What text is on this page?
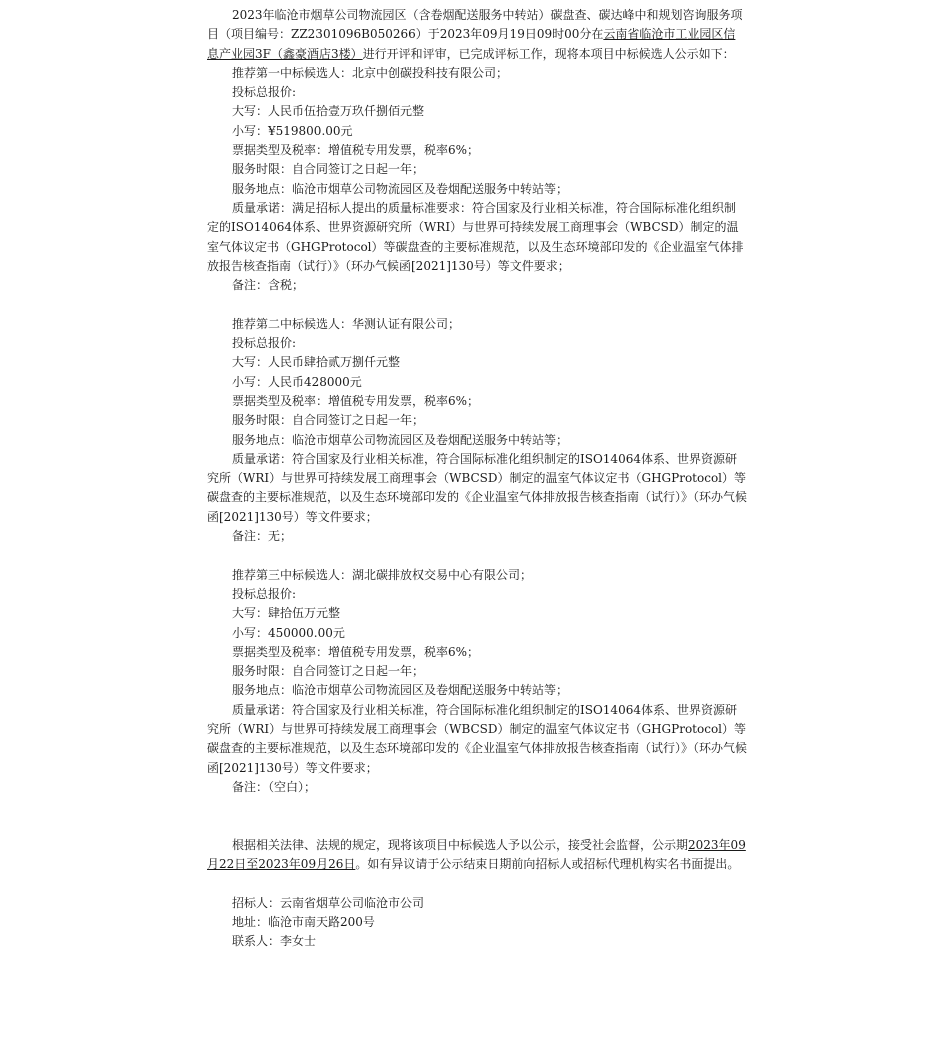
2023年临沧市烟草公司物流园区（含卷烟配送服务中转站）碳盘查、碳达峰中和规划咨询服务项目（项目编号：ZZ2301096B050266）于2023年09月19日09时00分在云南省临沧市工业园区信息产业园3F（鑫豪酒店3楼）进行开评和评审，已完成评标工作，现将本项目中标候选人公示如下：

推荐第一中标候选人：北京中创碳投科技有限公司；

投标总报价:

大写：人民币伍拾壹万玖仟捌佰元整

小写：¥519800.00元

票据类型及税率：增值税专用发票，税率6%；

服务时限：自合同签订之日起一年；

服务地点：临沧市烟草公司物流园区及卷烟配送服务中转站等；

质量承诺：满足招标人提出的质量标准要求：符合国家及行业相关标准，符合国际标准化组织制定的ISO14064体系、世界资源研究所（WRI）与世界可持续发展工商理事会（WBCSD）制定的温室气体议定书（GHGProtocol）等碳盘查的主要标准规范，以及生态环境部印发的《企业温室气体排放报告核查指南（试行）》（环办气候函[2021]130号）等文件要求；

备注：含税；

推荐第二中标候选人：华测认证有限公司；

投标总报价:

大写：人民币肆拾贰万捌仟元整

小写：人民币428000元

票据类型及税率：增值税专用发票，税率6%；

服务时限：自合同签订之日起一年；

服务地点：临沧市烟草公司物流园区及卷烟配送服务中转站等；

质量承诺：符合国家及行业相关标准，符合国际标准化组织制定的ISO14064体系、世界资源研究所（WRI）与世界可持续发展工商理事会（WBCSD）制定的温室气体议定书（GHGProtocol）等碳盘查的主要标准规范，以及生态环境部印发的《企业温室气体排放报告核查指南（试行）》（环办气候函[2021]130号）等文件要求；

备注：无；

推荐第三中标候选人：湖北碳排放权交易中心有限公司；

投标总报价:

大写：肆拾伍万元整

小写：450000.00元

票据类型及税率：增值税专用发票，税率6%；

服务时限：自合同签订之日起一年；

服务地点：临沧市烟草公司物流园区及卷烟配送服务中转站等；

质量承诺：符合国家及行业相关标准，符合国际标准化组织制定的ISO14064体系、世界资源研究所（WRI）与世界可持续发展工商理事会（WBCSD）制定的温室气体议定书（GHGProtocol）等碳盘查的主要标准规范，以及生态环境部印发的《企业温室气体排放报告核查指南（试行）》（环办气候函[2021]130号）等文件要求；

备注：（空白）；

根据相关法律、法规的规定，现将该项目中标候选人予以公示，接受社会监督，公示期2023年09月22日至2023年09月26日。如有异议请于公示结束日期前向招标人或招标代理机构实名书面提出。

招标人：云南省烟草公司临沧市公司

地址：临沧市南天路200号

联系人：李女士
